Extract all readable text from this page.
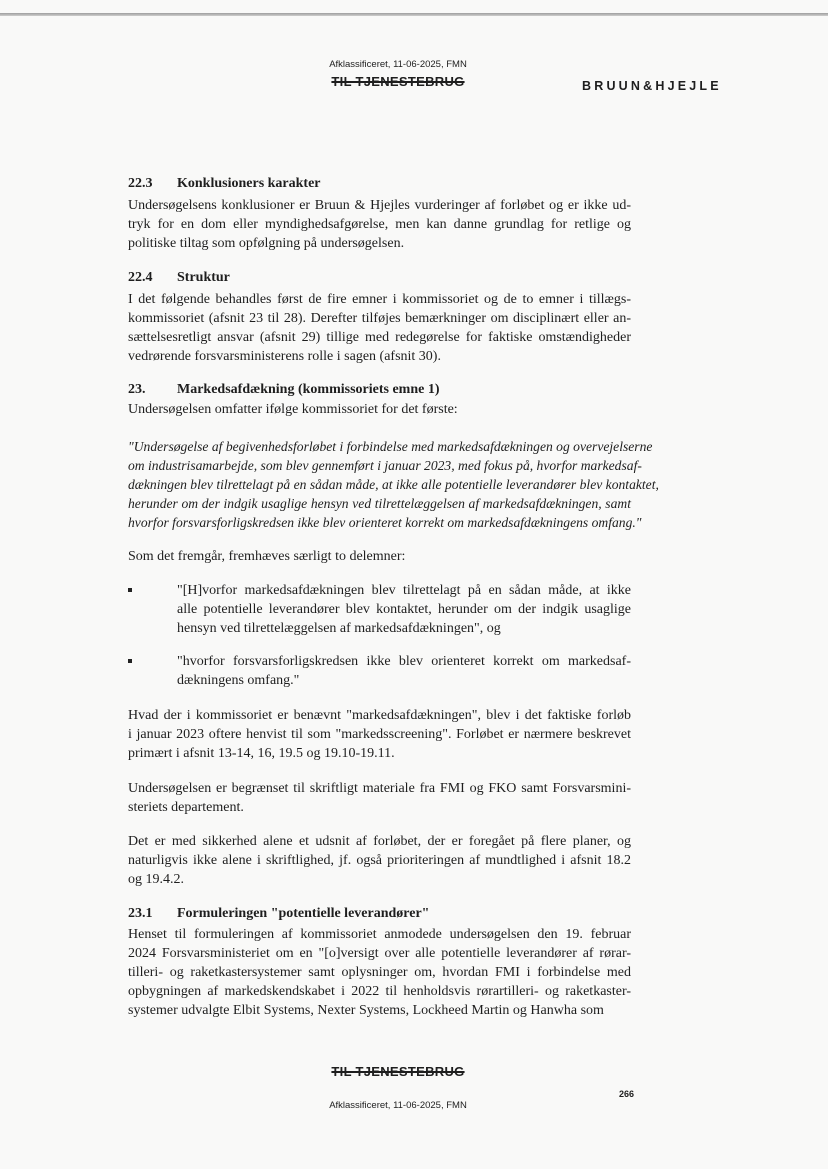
Afklassificeret, 11-06-2025, FMN
TIL TJENESTEBRUG	BRUUN&HJEJLE
22.3 Konklusioners karakter
Undersøgelsens konklusioner er Bruun & Hjejles vurderinger af forløbet og er ikke ud-
tryk for en dom eller myndighedsafgørelse, men kan danne grundlag for retlige og
politiske tiltag som opfølgning på undersøgelsen.
22.4 Struktur
I det følgende behandles først de fire emner i kommissoriet og de to emner i tillægs-
kommissoriet (afsnit 23 til 28). Derefter tilføjes bemærkninger om disciplinært eller an-
sættelsesretligt ansvar (afsnit 29) tillige med redegørelse for faktiske omstændigheder
vedrørende forsvarsministerens rolle i sagen (afsnit 30).
23. Markedsafdækning (kommissoriets emne 1)
Undersøgelsen omfatter ifølge kommissoriet for det første:
"Undersøgelse af begivenhedsforløbet i forbindelse med markedsafdækningen og overvejelserne
om industrisamarbejde, som blev gennemført i januar 2023, med fokus på, hvorfor markedsaf-
dækningen blev tilrettelagt på en sådan måde, at ikke alle potentielle leverandører blev kontaktet,
herunder om der indgik usaglige hensyn ved tilrettelæggelsen af markedsafdækningen, samt
hvorfor forsvarsforligskredsen ikke blev orienteret korrekt om markedsafdækningens omfang."
Som det fremgår, fremhæves særligt to delemner:
"[H]vorfor markedsafdækningen blev tilrettelagt på en sådan måde, at ikke
alle potentielle leverandører blev kontaktet, herunder om der indgik usaglige
hensyn ved tilrettelæggelsen af markedsafdækningen", og
"hvorfor forsvarsforligskredsen ikke blev orienteret korrekt om markedsaf-
dækningens omfang."
Hvad der i kommissoriet er benævnt "markedsafdækningen", blev i det faktiske forløb
i januar 2023 oftere henvist til som "markedsscreening". Forløbet er nærmere beskrevet
primært i afsnit 13-14, 16, 19.5 og 19.10-19.11.
Undersøgelsen er begrænset til skriftligt materiale fra FMI og FKO samt Forsvarsmini-
steriets departement.
Det er med sikkerhed alene et udsnit af forløbet, der er foregået på flere planer, og
naturligvis ikke alene i skriftlighed, jf. også prioriteringen af mundtlighed i afsnit 18.2
og 19.4.2.
23.1 Formuleringen "potentielle leverandører"
Henset til formuleringen af kommissoriet anmodede undersøgelsen den 19. februar
2024 Forsvarsministeriet om en "[o]versigt over alle potentielle leverandører af rørar-
tilleri- og raketkastersystemer samt oplysninger om, hvordan FMI i forbindelse med
opbygningen af markedskendskabet i 2022 til henholdsvis rørartilleri- og raketkaster-
systemer udvalgte Elbit Systems, Nexter Systems, Lockheed Martin og Hanwha som
TIL TJENESTEBRUG
266
Afklassificeret, 11-06-2025, FMN
